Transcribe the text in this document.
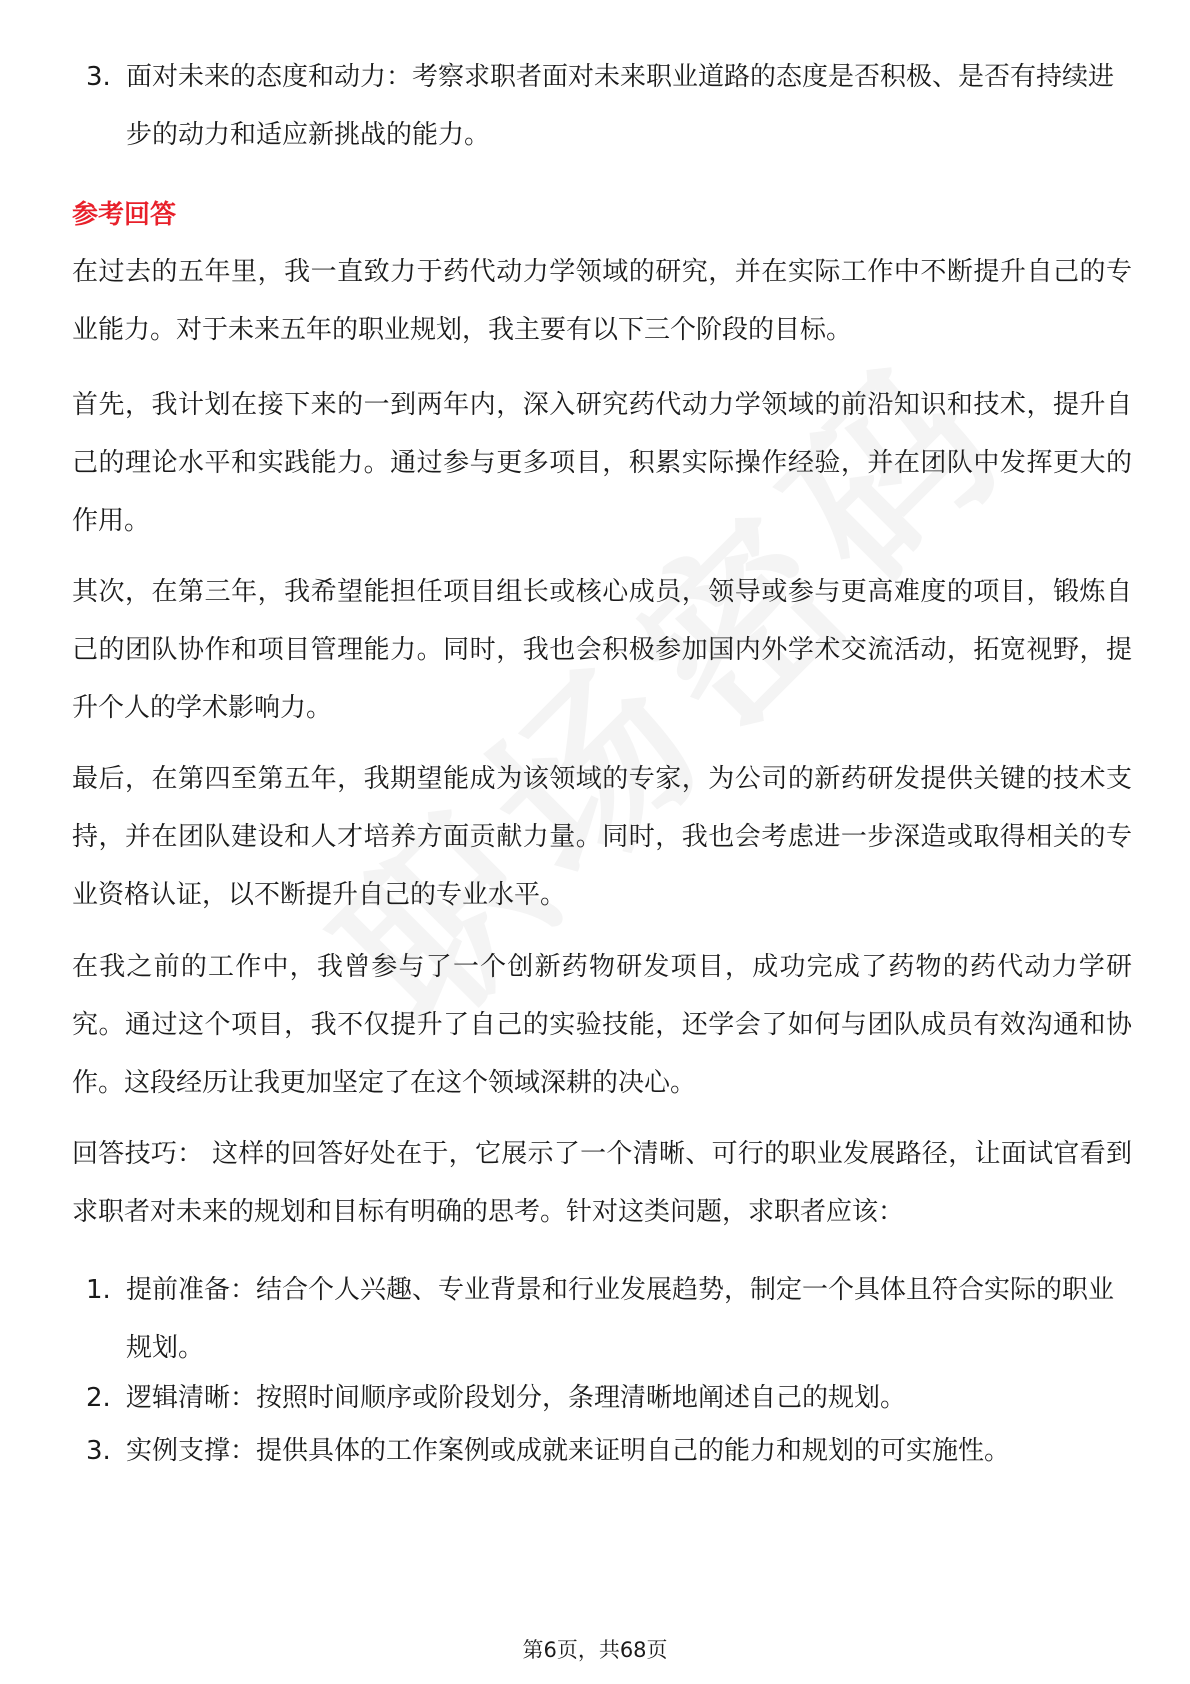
3. 面对未来的态度和动力：考察求职者面对未来职业道路的态度是否积极、是否有持续进步的动力和适应新挑战的能力。
参考回答
在过去的五年里，我一直致力于药代动力学领域的研究，并在实际工作中不断提升自己的专业能力。对于未来五年的职业规划，我主要有以下三个阶段的目标。
首先，我计划在接下来的一到两年内，深入研究药代动力学领域的前沿知识和技术，提升自己的理论水平和实践能力。通过参与更多项目，积累实际操作经验，并在团队中发挥更大的作用。
其次，在第三年，我希望能担任项目组长或核心成员，领导或参与更高难度的项目，锻炼自己的团队协作和项目管理能力。同时，我也会积极参加国内外学术交流活动，拓宽视野，提升个人的学术影响力。
最后，在第四至第五年，我期望能成为该领域的专家，为公司的新药研发提供关键的技术支持，并在团队建设和人才培养方面贡献力量。同时，我也会考虑进一步深造或取得相关的专业资格认证，以不断提升自己的专业水平。
在我之前的工作中，我曾参与了一个创新药物研发项目，成功完成了药物的药代动力学研究。通过这个项目，我不仅提升了自己的实验技能，还学会了如何与团队成员有效沟通和协作。这段经历让我更加坚定了在这个领域深耕的决心。
回答技巧： 这样的回答好处在于，它展示了一个清晰、可行的职业发展路径，让面试官看到求职者对未来的规划和目标有明确的思考。针对这类问题，求职者应该：
1. 提前准备：结合个人兴趣、专业背景和行业发展趋势，制定一个具体且符合实际的职业规划。
2. 逻辑清晰：按照时间顺序或阶段划分，条理清晰地阐述自己的规划。
3. 实例支撑：提供具体的工作案例或成就来证明自己的能力和规划的可实施性。
第6页，共68页
